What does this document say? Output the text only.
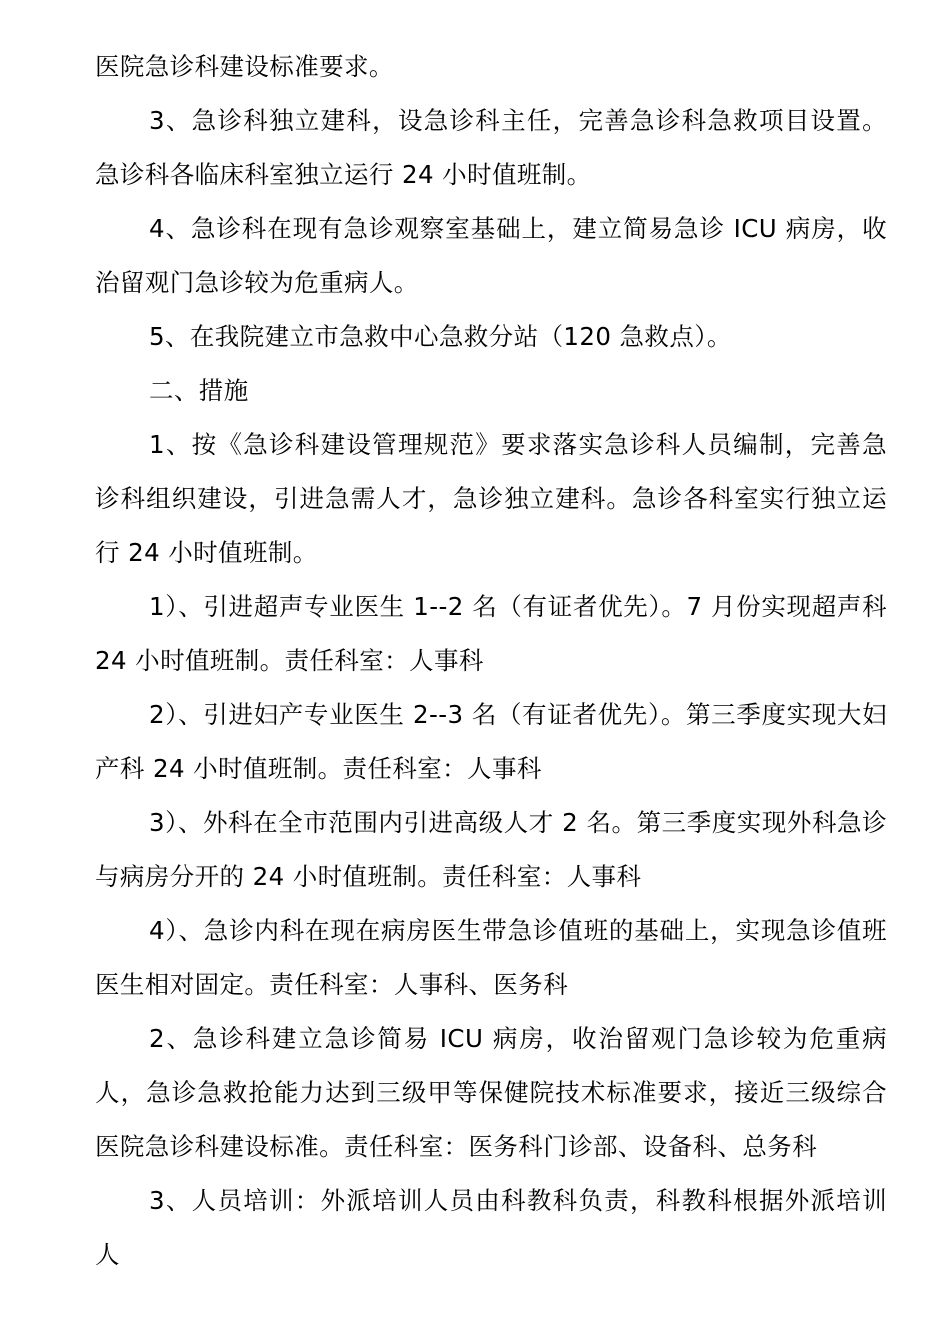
医院急诊科建设标准要求。

3、急诊科独立建科，设急诊科主任，完善急诊科急救项目设置。急诊科各临床科室独立运行 24 小时值班制。

4、急诊科在现有急诊观察室基础上，建立简易急诊 ICU 病房，收治留观门急诊较为危重病人。

5、在我院建立市急救中心急救分站（120 急救点）。

二、措施

1、按《急诊科建设管理规范》要求落实急诊科人员编制，完善急诊科组织建设，引进急需人才，急诊独立建科。急诊各科室实行独立运行 24 小时值班制。

1）、引进超声专业医生 1--2 名（有证者优先）。7 月份实现超声科 24 小时值班制。责任科室：人事科

2）、引进妇产专业医生 2--3 名（有证者优先）。第三季度实现大妇产科 24 小时值班制。责任科室：人事科

3）、外科在全市范围内引进高级人才 2 名。第三季度实现外科急诊与病房分开的 24 小时值班制。责任科室：人事科

4）、急诊内科在现在病房医生带急诊值班的基础上，实现急诊值班医生相对固定。责任科室：人事科、医务科

2、急诊科建立急诊简易 ICU 病房，收治留观门急诊较为危重病人，急诊急救抢能力达到三级甲等保健院技术标准要求，接近三级综合医院急诊科建设标准。责任科室：医务科门诊部、设备科、总务科

3、人员培训：外派培训人员由科教科负责，科教科根据外派培训人
